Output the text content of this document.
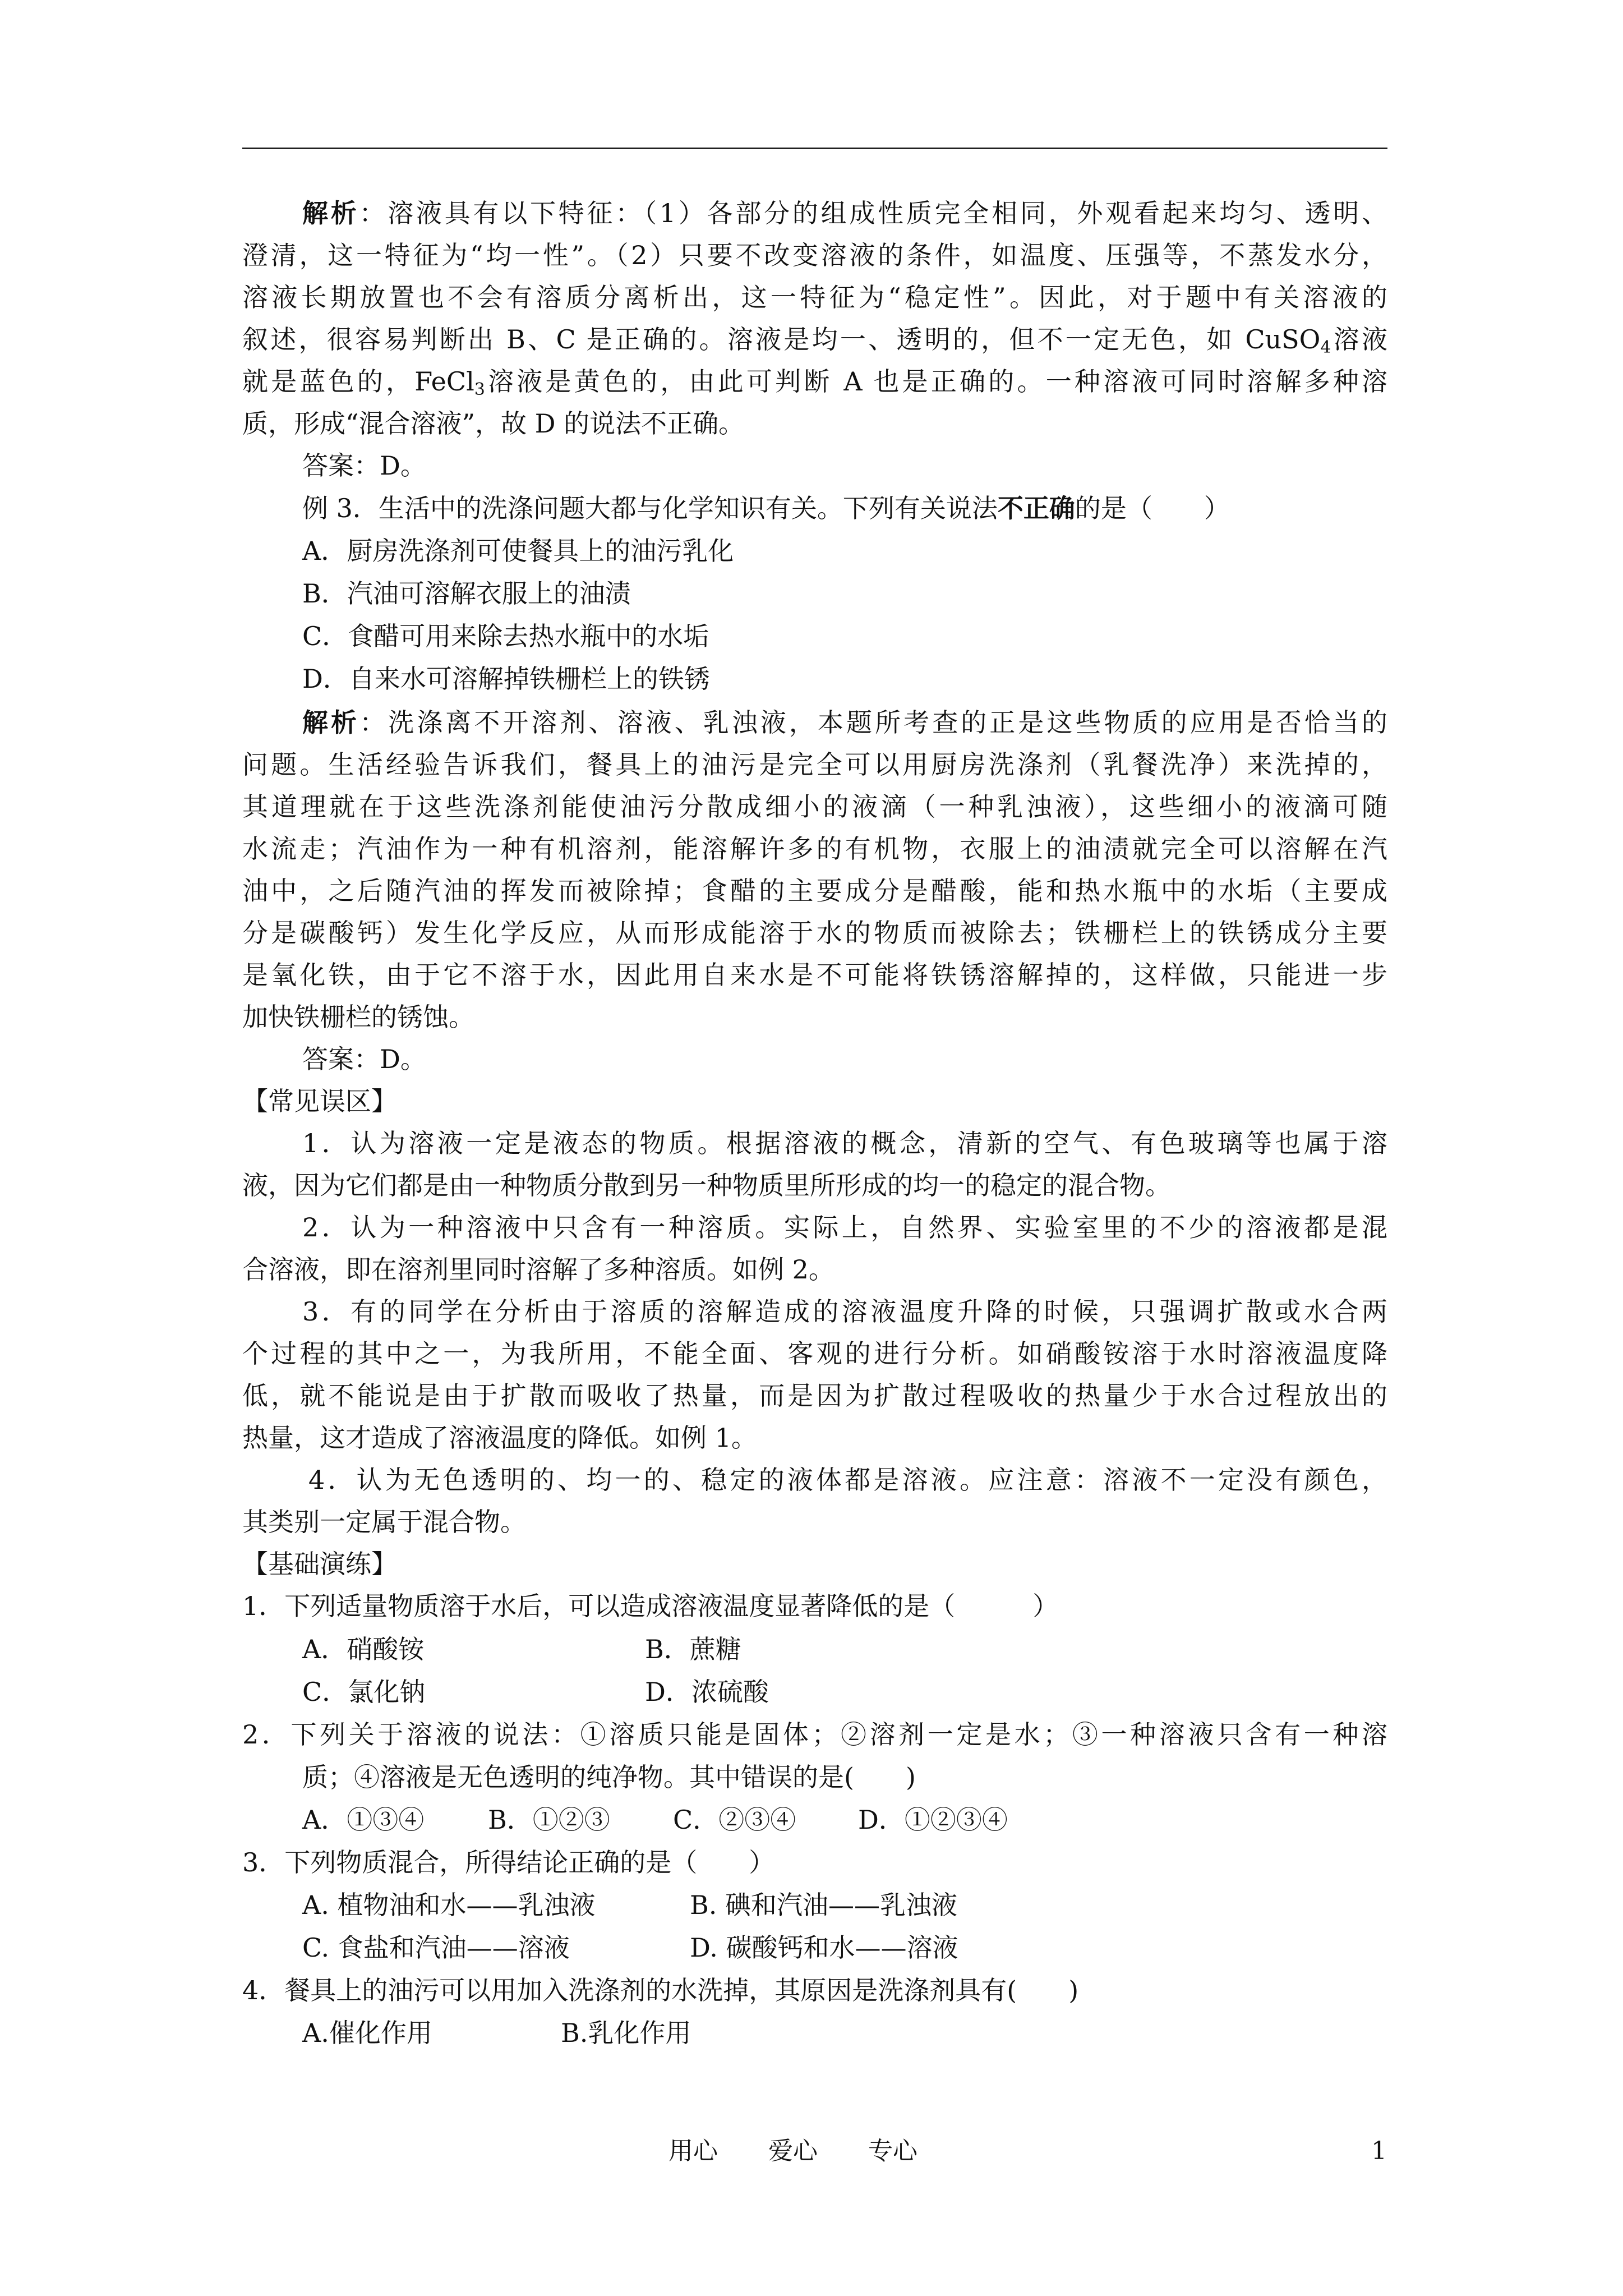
解析：溶液具有以下特征：（1）各部分的组成性质完全相同，外观看起来均匀、透明、
澄清，这一特征为“均一性”。（2）只要不改变溶液的条件，如温度、压强等，不蒸发水分，
溶液长期放置也不会有溶质分离析出，这一特征为“稳定性”。因此，对于题中有关溶液的
叙述，很容易判断出 B、C 是正确的。溶液是均一、透明的，但不一定无色，如 CuSO$_4$溶液
就是蓝色的，FeCl$_3$溶液是黄色的，由此可判断 A 也是正确的。一种溶液可同时溶解多种溶
质，形成“混合溶液”，故 D 的说法不正确。
答案：D。
例 3．生活中的洗涤问题大都与化学知识有关。下列有关说法不正确的是（　　）
A．厨房洗涤剂可使餐具上的油污乳化
B．汽油可溶解衣服上的油渍
C．食醋可用来除去热水瓶中的水垢
D．自来水可溶解掉铁栅栏上的铁锈
解析：洗涤离不开溶剂、溶液、乳浊液，本题所考查的正是这些物质的应用是否恰当的
问题。生活经验告诉我们，餐具上的油污是完全可以用厨房洗涤剂（乳餐洗净）来洗掉的，
其道理就在于这些洗涤剂能使油污分散成细小的液滴（一种乳浊液），这些细小的液滴可随
水流走；汽油作为一种有机溶剂，能溶解许多的有机物，衣服上的油渍就完全可以溶解在汽
油中，之后随汽油的挥发而被除掉；食醋的主要成分是醋酸，能和热水瓶中的水垢（主要成
分是碳酸钙）发生化学反应，从而形成能溶于水的物质而被除去；铁栅栏上的铁锈成分主要
是氧化铁，由于它不溶于水，因此用自来水是不可能将铁锈溶解掉的，这样做，只能进一步
加快铁栅栏的锈蚀。
答案：D。
【常见误区】
1．认为溶液一定是液态的物质。根据溶液的概念，清新的空气、有色玻璃等也属于溶
液，因为它们都是由一种物质分散到另一种物质里所形成的均一的稳定的混合物。
2．认为一种溶液中只含有一种溶质。实际上，自然界、实验室里的不少的溶液都是混
合溶液，即在溶剂里同时溶解了多种溶质。如例 2。
3．有的同学在分析由于溶质的溶解造成的溶液温度升降的时候，只强调扩散或水合两
个过程的其中之一，为我所用，不能全面、客观的进行分析。如硝酸铵溶于水时溶液温度降
低，就不能说是由于扩散而吸收了热量，而是因为扩散过程吸收的热量少于水合过程放出的
热量，这才造成了溶液温度的降低。如例 1。
4．认为无色透明的、均一的、稳定的液体都是溶液。应注意：溶液不一定没有颜色，
其类别一定属于混合物。
【基础演练】
1．下列适量物质溶于水后，可以造成溶液温度显著降低的是（　　　）
A．硝酸铵	B．蔗糖
C．氯化钠	D．浓硫酸
2．下列关于溶液的说法：①溶质只能是固体；②溶剂一定是水；③一种溶液只含有一种溶
质；④溶液是无色透明的纯净物。其中错误的是(　　)
A．①③④ B．①②③ C．②③④ D．①②③④
3．下列物质混合，所得结论正确的是（　　）
A. 植物油和水——乳浊液	B. 碘和汽油——乳浊液
C. 食盐和汽油——溶液	D. 碳酸钙和水——溶液
4．餐具上的油污可以用加入洗涤剂的水洗掉，其原因是洗涤剂具有(　　)
A.催化作用	B.乳化作用
用心 爱心 专心	1
